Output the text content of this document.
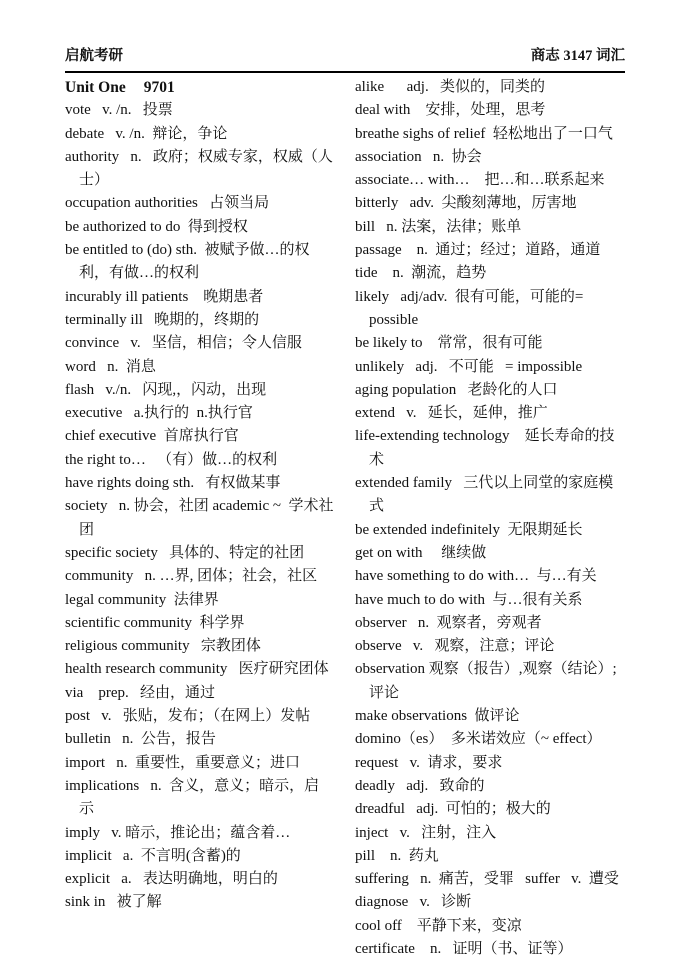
启航考研	商志 3147 词汇

Unit One 9701

vote   v. /n.   投票

debate   v. /n.  辩论，争论

authority   n.   政府；权威专家，权威（人士）

occupation authorities   占领当局

be authorized to do  得到授权

be entitled to (do) sth.  被赋予做…的权利，有做…的权利

incurably ill patients    晚期患者

terminally ill   晚期的，终期的

convince   v.   坚信，相信；令人信服

word   n.  消息

flash   v./n.   闪现,，闪动，出现

executive   a.执行的  n.执行官

chief executive  首席执行官

the right to…   （有）做…的权利

have rights doing sth.   有权做某事

society   n. 协会，社团 academic ~  学术社团

specific society   具体的、特定的社团

community   n. …界, 团体；社会，社区

legal community  法律界

scientific community  科学界

religious community   宗教团体

health research community   医疗研究团体

via    prep.   经由，通过

post   v.   张贴，发布；（在网上）发帖

bulletin   n.  公告，报告

import   n.  重要性，重要意义；进口

implications   n.  含义，意义；暗示，启示

imply   v. 暗示，推论出；蕴含着…

implicit   a.  不言明(含蓄)的

explicit   a.   表达明确地，明白的

sink in   被了解

alike      adj.   类似的，同类的

deal with    安排，处理，思考

breathe sighs of relief  轻松地出了一口气

association   n.  协会

associate… with…    把…和…联系起来

bitterly   adv.  尖酸刻薄地，厉害地

bill   n. 法案，法律；账单

passage    n.  通过；经过；道路，通道

tide    n.  潮流，趋势

likely   adj/adv.  很有可能，可能的= possible

be likely to    常常，很有可能

unlikely   adj.   不可能   = impossible

aging population   老龄化的人口

extend   v.   延长，延伸，推广

life-extending technology    延长寿命的技术

extended family   三代以上同堂的家庭模式

be extended indefinitely  无限期延长

get on with     继续做

have something to do with…  与…有关

have much to do with  与…很有关系

observer   n.  观察者，旁观者

observe   v.   观察，注意；评论

observation 观察（报告）,观察（结论）;评论

make observations  做评论

domino（es）  多米诺效应（~ effect）

request   v.  请求，要求

deadly   adj.   致命的

dreadful   adj.  可怕的；极大的

inject   v.   注射，注入

pill    n.  药丸

suffering   n.  痛苦，受罪   suffer   v.  遭受

diagnose   v.   诊断

cool off    平静下来，变凉

certificate    n.   证明（书、证等）
